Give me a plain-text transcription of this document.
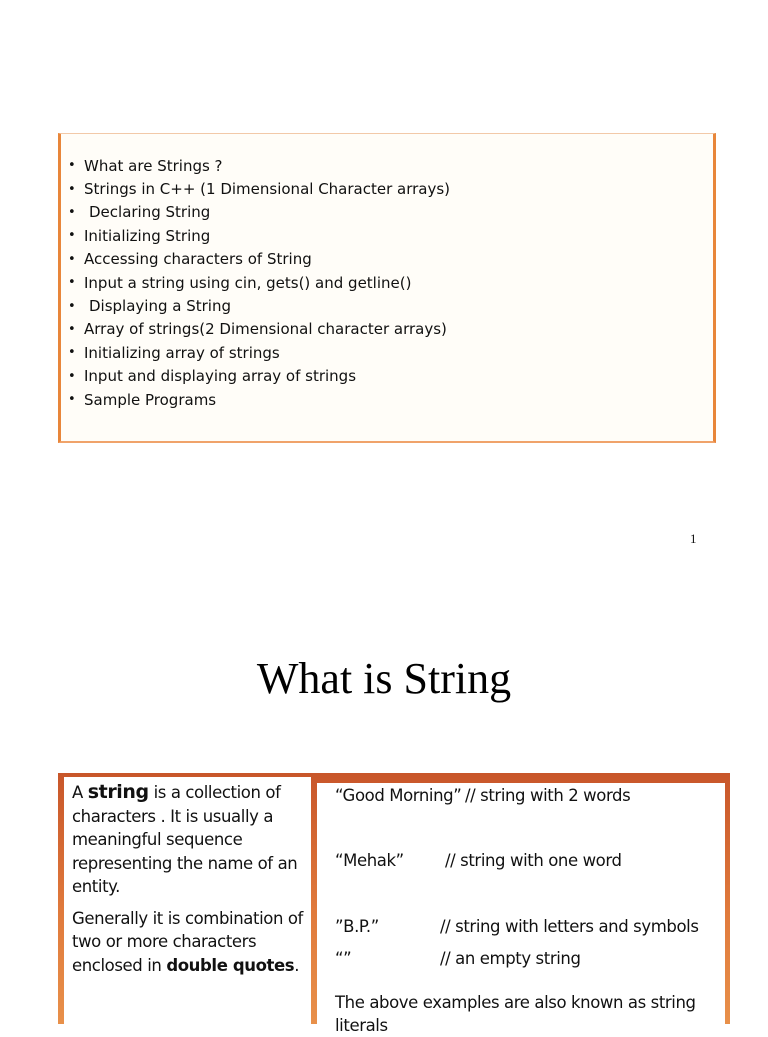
• What are Strings ?
• Strings in C++ (1 Dimensional Character arrays)
• Declaring String
• Initializing String
• Accessing characters of String
• Input a string using cin, gets() and getline()
• Displaying a String
• Array of strings(2 Dimensional character arrays)
• Initializing array of strings
• Input and displaying array of strings
• Sample Programs
1
What is String

A string is a collection of characters . It is usually a meaningful sequence representing the name of an entity.

Generally it is combination of two or more characters enclosed in double quotes.

“Good Morning” // string with 2 words
“Mehak” // string with one word
”B.P.”	// string with letters and symbols
“”	// an empty string
The above examples are also known as string literals
